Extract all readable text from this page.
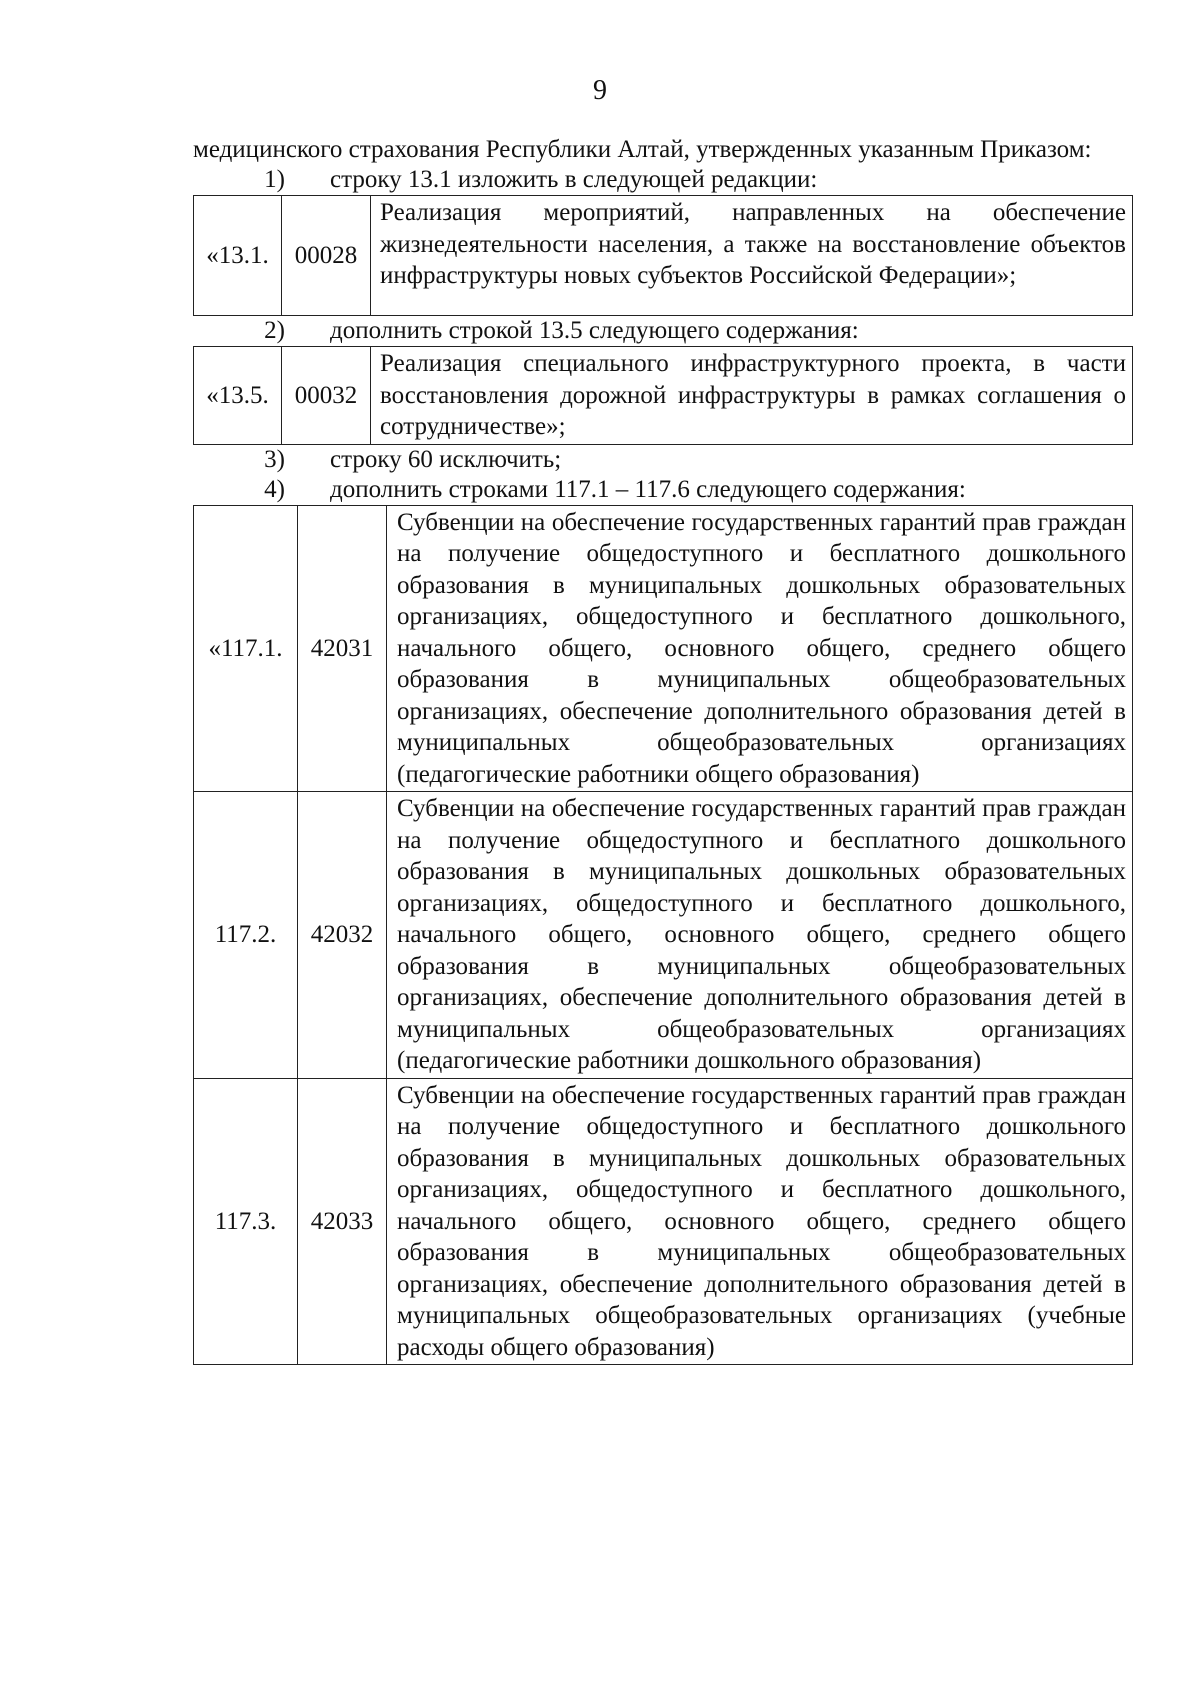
9

медицинского страхования Республики Алтай, утвержденных указанным Приказом:

1) строку 13.1 изложить в следующей редакции:
«13.1.	00028	Реализация мероприятий, направленных на обеспечение жизнедеятельности населения, а также на восстановление объектов инфраструктуры новых субъектов Российской Федерации»;
2) дополнить строкой 13.5 следующего содержания:
«13.5.	00032	Реализация специального инфраструктурного проекта, в части восстановления дорожной инфраструктуры в рамках соглашения о сотрудничестве»;
3) строку 60 исключить;
4) дополнить строками 117.1 – 117.6 следующего содержания:
«117.1.	42031	Субвенции на обеспечение государственных гарантий прав граждан на получение общедоступного и бесплатного дошкольного образования в муниципальных дошкольных образовательных организациях, общедоступного и бесплатного дошкольного, начального общего, основного общего, среднего общего образования в муниципальных общеобразовательных организациях, обеспечение дополнительного образования детей в муниципальных общеобразовательных организациях (педагогические работники общего образования)
117.2.	42032	Субвенции на обеспечение государственных гарантий прав граждан на получение общедоступного и бесплатного дошкольного образования в муниципальных дошкольных образовательных организациях, общедоступного и бесплатного дошкольного, начального общего, основного общего, среднего общего образования в муниципальных общеобразовательных организациях, обеспечение дополнительного образования детей в муниципальных общеобразовательных организациях (педагогические работники дошкольного образования)
117.3.	42033	Субвенции на обеспечение государственных гарантий прав граждан на получение общедоступного и бесплатного дошкольного образования в муниципальных дошкольных образовательных организациях, общедоступного и бесплатного дошкольного, начального общего, основного общего, среднего общего образования в муниципальных общеобразовательных организациях, обеспечение дополнительного образования детей в муниципальных общеобразовательных организациях (учебные расходы общего образования)
